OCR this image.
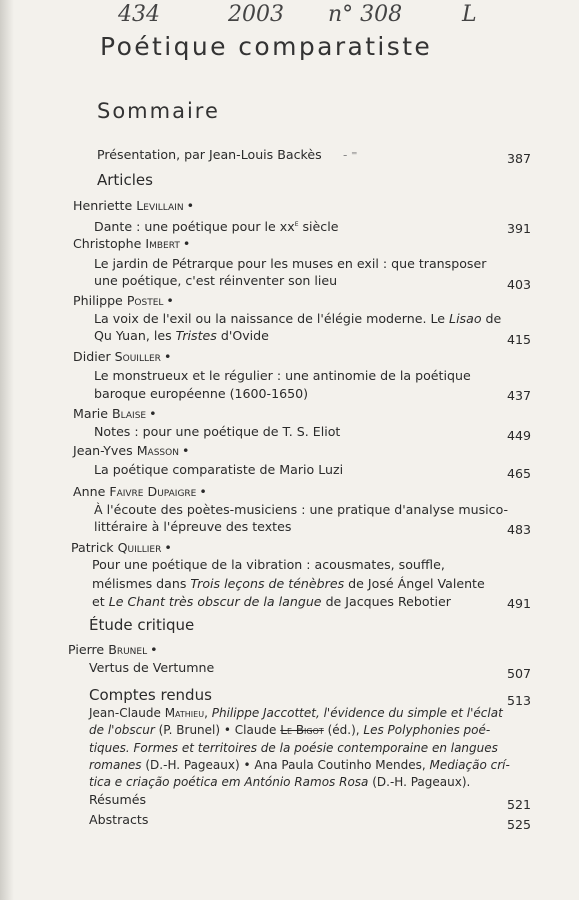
434	2003 n° 308	L
Poétique comparatiste
Sommaire
Présentation, par Jean-Louis Backès ‐ ⁼	387
Articles
Henriette Levillain •
Dante : une poétique pour le $xx^e$ siècle	391
Christophe Imbert •
Le jardin de Pétrarque pour les muses en exil : que transposer
une poétique, c'est réinventer son lieu	403
Philippe Postel •
La voix de l'exil ou la naissance de l'élégie moderne. Le Lisao de
Qu Yuan, les Tristes d'Ovide	415
Didier Souiller •
Le monstrueux et le régulier : une antinomie de la poétique
baroque européenne (1600-1650)	437
Marie Blaise •
Notes : pour une poétique de T. S. Eliot	449
Jean-Yves Masson •
La poétique comparatiste de Mario Luzi	465
Anne Faivre Dupaigre •
À l'écoute des poètes-musiciens : une pratique d'analyse musico-
littéraire à l'épreuve des textes	483
Patrick Quillier •
Pour une poétique de la vibration : acousmates, souffle,
mélismes dans Trois leçons de ténèbres de José Ángel Valente
et Le Chant très obscur de la langue de Jacques Rebotier	491
Étude critique
Pierre Brunel •
Vertus de Vertumne	507
Comptes rendus	513
Jean-Claude Mathieu, Philippe Jaccottet, l'évidence du simple et l'éclat
de l'obscur (P. Brunel) • Claude Le Bigot (éd.), Les Polyphonies poé-
tiques. Formes et territoires de la poésie contemporaine en langues
romanes (D.-H. Pageaux) • Ana Paula Coutinho Mendes, Mediação crí-
tica e criação poética em António Ramos Rosa (D.-H. Pageaux).
Résumés	521
Abstracts	525
